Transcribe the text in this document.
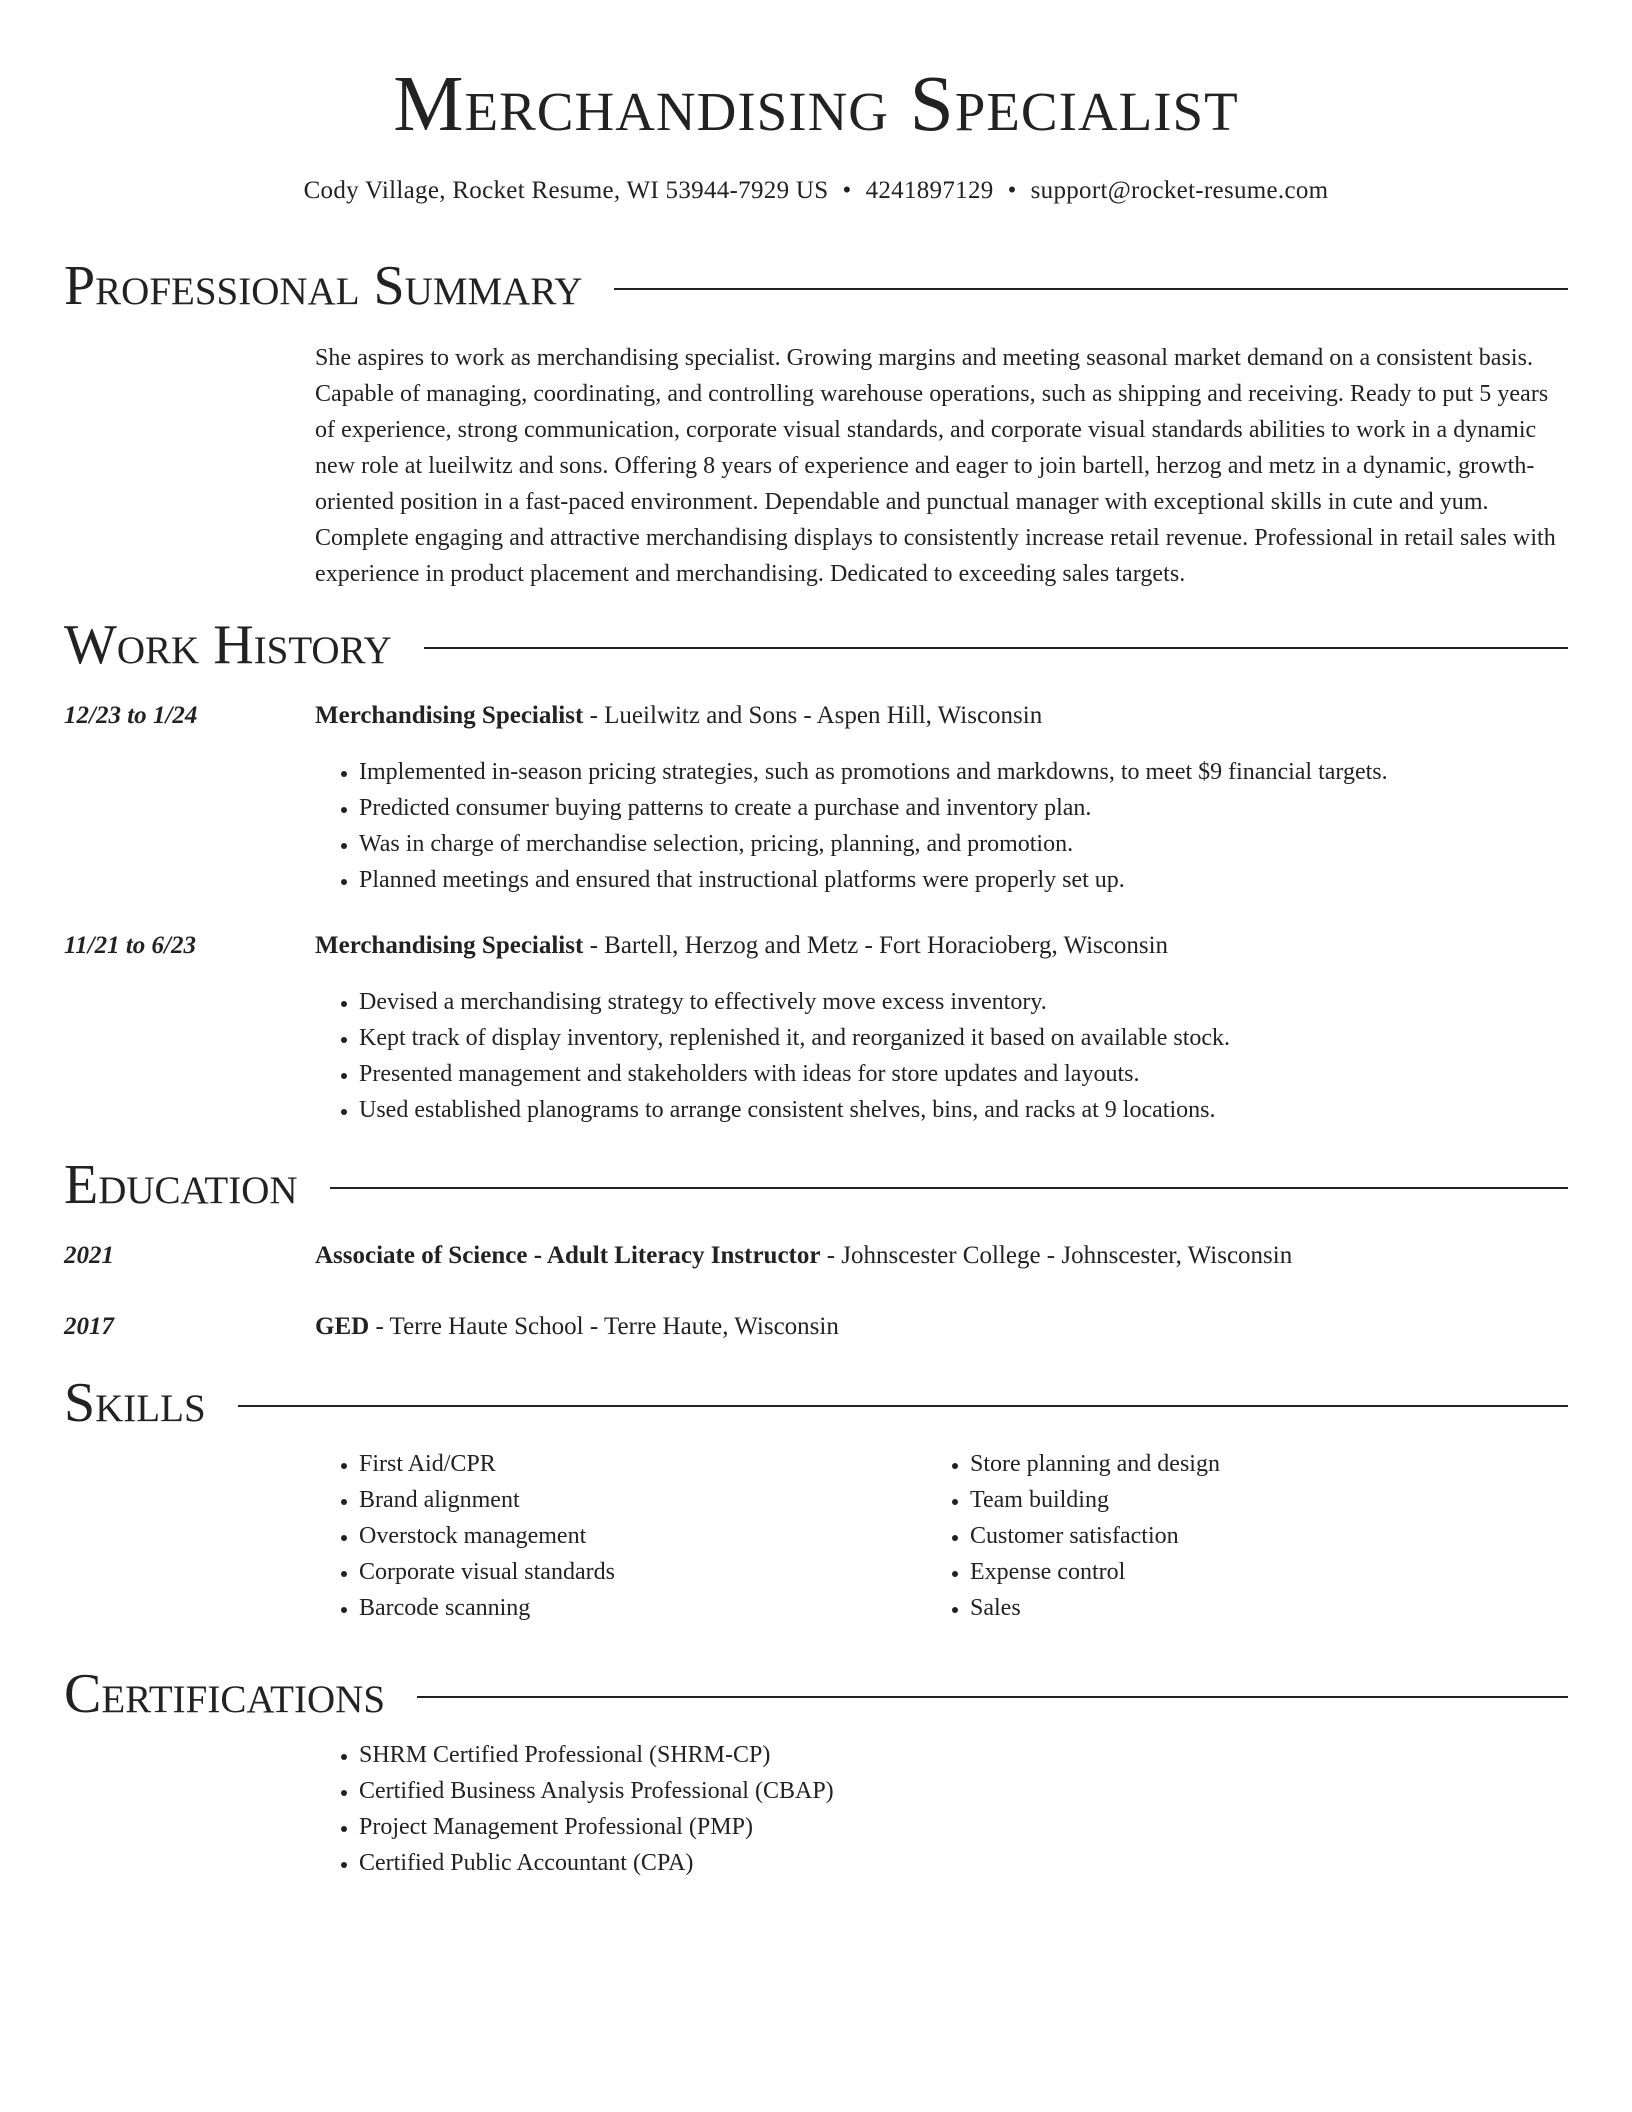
Merchandising Specialist
Cody Village, Rocket Resume, WI 53944-7929 US • 4241897129 • support@rocket-resume.com
Professional Summary

She aspires to work as merchandising specialist. Growing margins and meeting seasonal market demand on a consistent basis. Capable of managing, coordinating, and controlling warehouse operations, such as shipping and receiving. Ready to put 5 years of experience, strong communication, corporate visual standards, and corporate visual standards abilities to work in a dynamic new role at lueilwitz and sons. Offering 8 years of experience and eager to join bartell, herzog and metz in a dynamic, growth-oriented position in a fast-paced environment. Dependable and punctual manager with exceptional skills in cute and yum. Complete engaging and attractive merchandising displays to consistently increase retail revenue. Professional in retail sales with experience in product placement and merchandising. Dedicated to exceeding sales targets.

Work History
12/23 to 1/24	Merchandising Specialist - Lueilwitz and Sons - Aspen Hill, Wisconsin
• Implemented in-season pricing strategies, such as promotions and markdowns, to meet $9 financial targets.
• Predicted consumer buying patterns to create a purchase and inventory plan.
• Was in charge of merchandise selection, pricing, planning, and promotion.
• Planned meetings and ensured that instructional platforms were properly set up.
11/21 to 6/23	Merchandising Specialist - Bartell, Herzog and Metz - Fort Horacioberg, Wisconsin
• Devised a merchandising strategy to effectively move excess inventory.
• Kept track of display inventory, replenished it, and reorganized it based on available stock.
• Presented management and stakeholders with ideas for store updates and layouts.
• Used established planograms to arrange consistent shelves, bins, and racks at 9 locations.
Education
2021	Associate of Science - Adult Literacy Instructor - Johnscester College - Johnscester, Wisconsin
2017	GED - Terre Haute School - Terre Haute, Wisconsin
Skills
• First Aid/CPR
• Brand alignment
• Overstock management
• Corporate visual standards
• Barcode scanning
• Store planning and design
• Team building
• Customer satisfaction
• Expense control
• Sales
Certifications
• SHRM Certified Professional (SHRM-CP)
• Certified Business Analysis Professional (CBAP)
• Project Management Professional (PMP)
• Certified Public Accountant (CPA)
